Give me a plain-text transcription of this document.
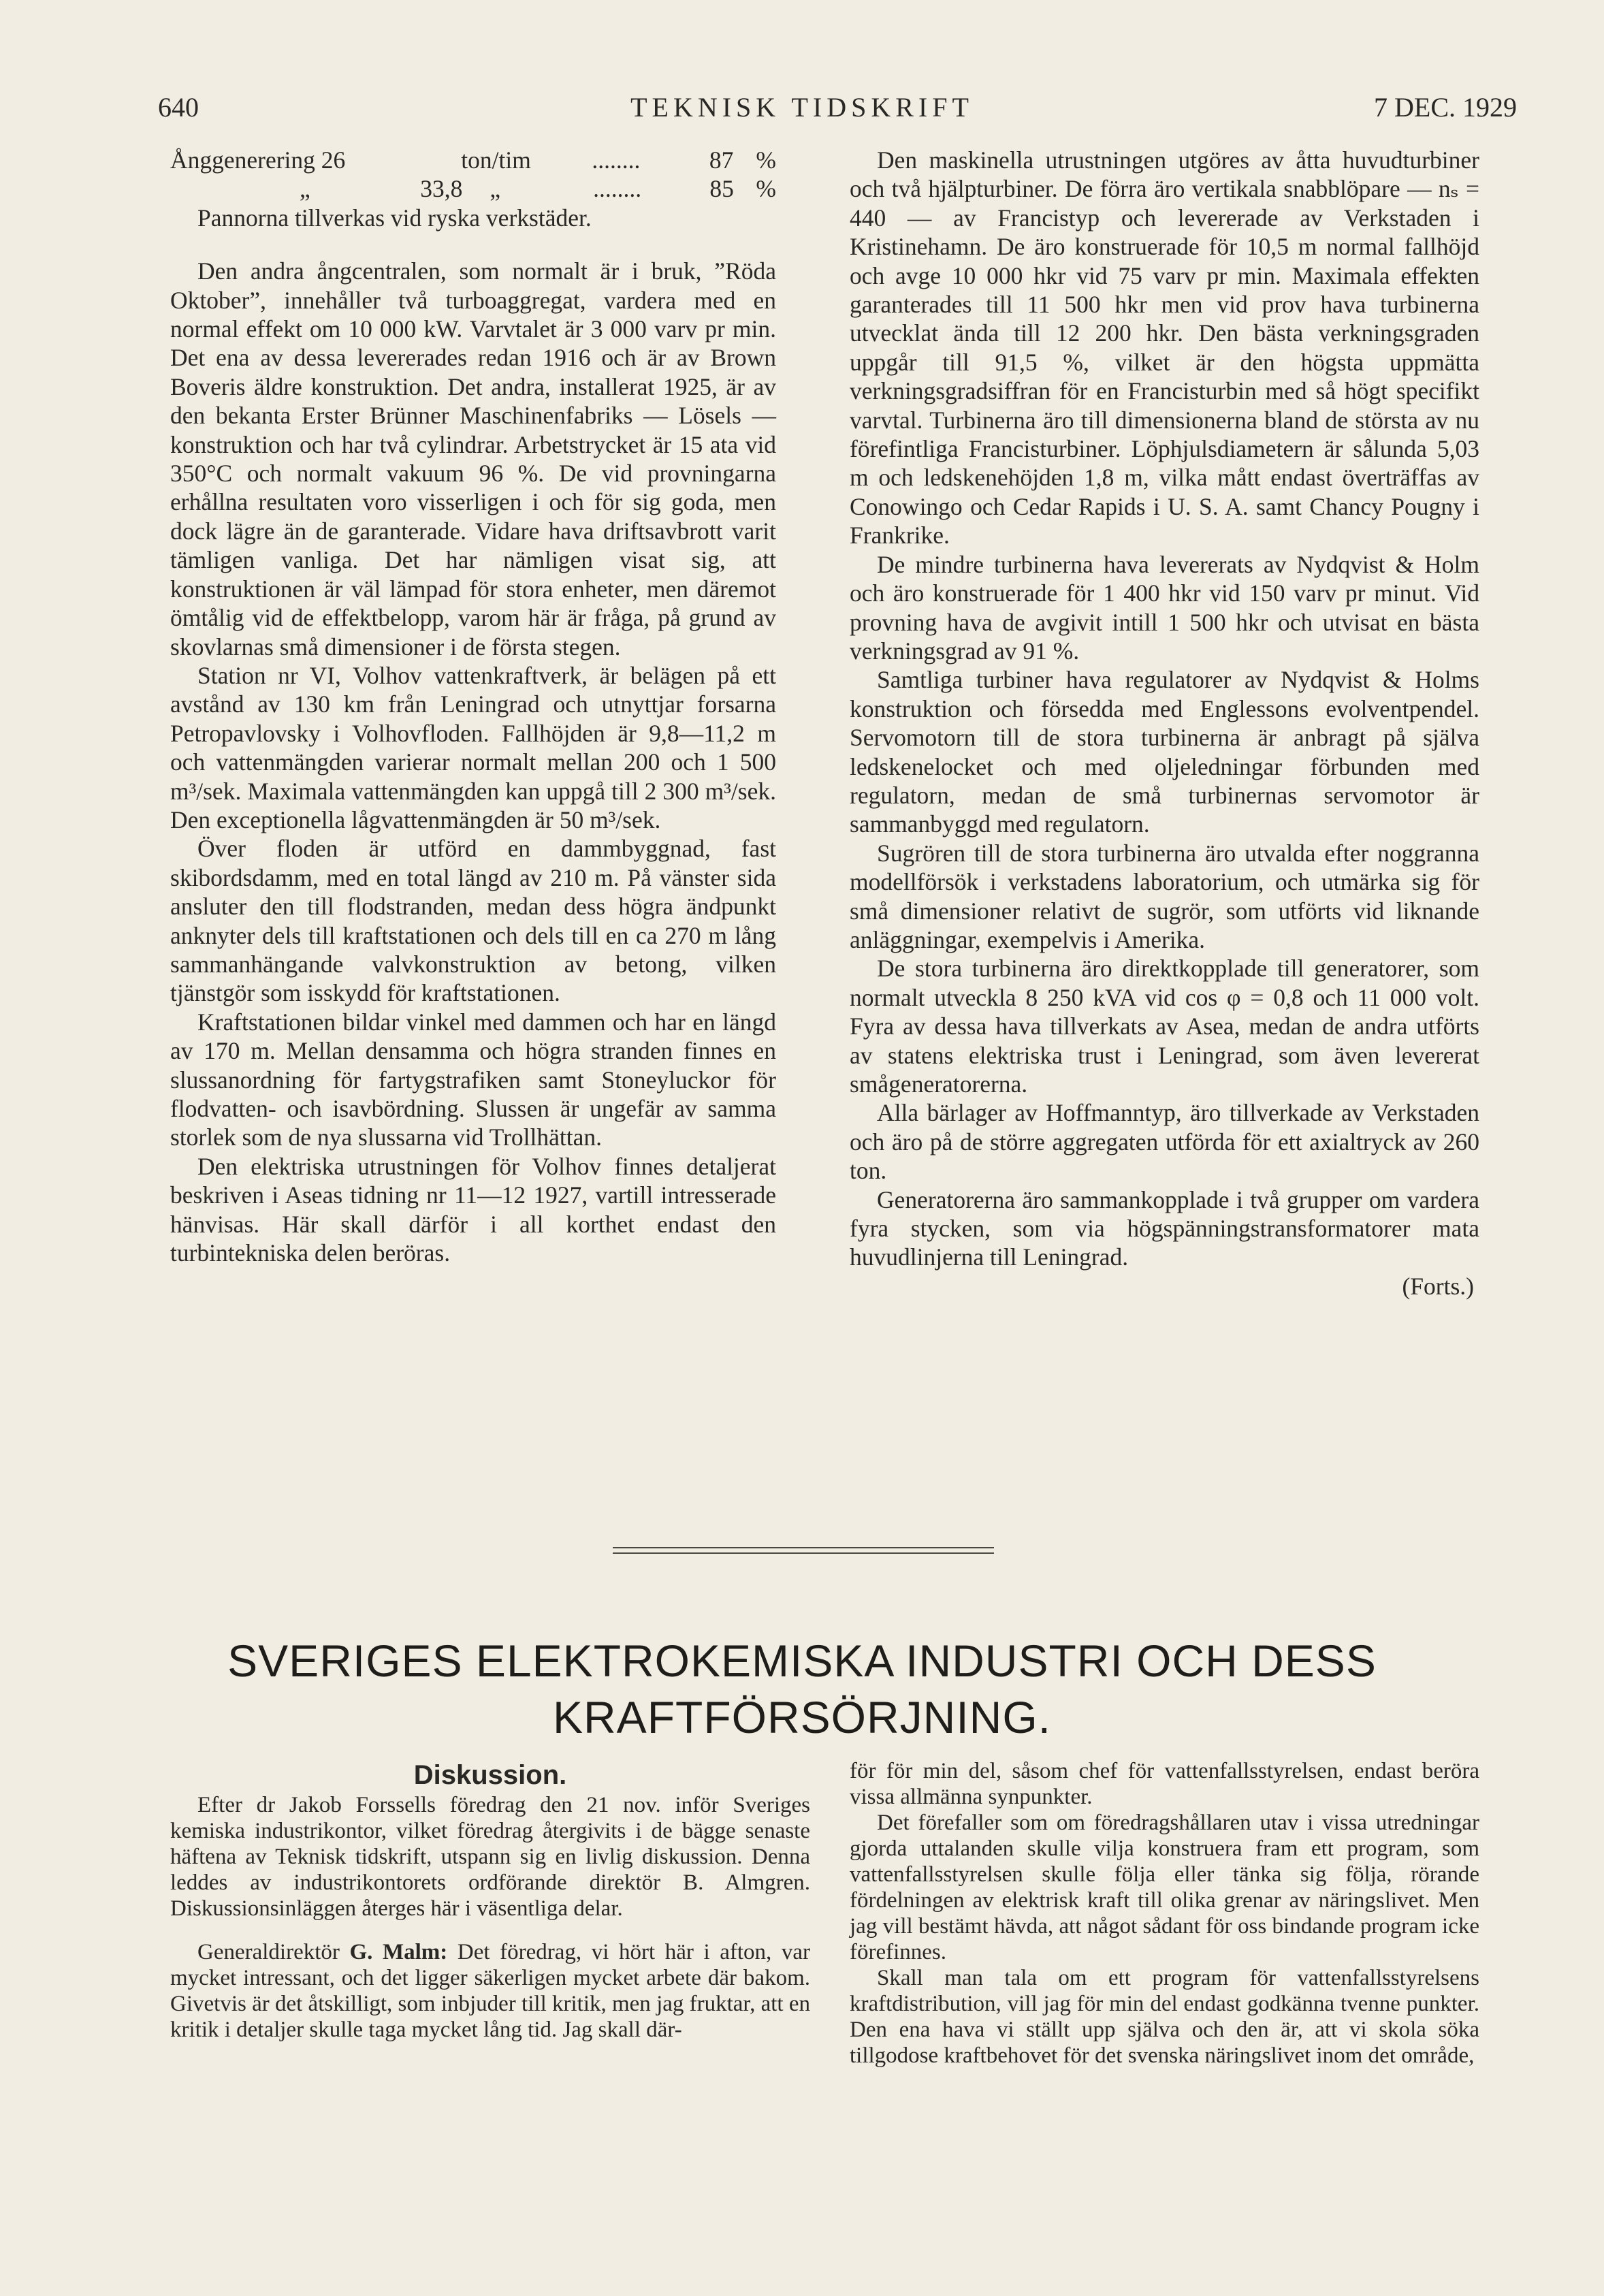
640	TEKNISK TIDSKRIFT	7 DEC. 1929
Ånggenerering 26	ton/tim	........	87 %
„	33,8	„	........	85 %

Pannorna tillverkas vid ryska verkstäder.

Den andra ångcentralen, som normalt är i bruk, ”Röda Oktober”, innehåller två turboaggregat, vardera med en normal effekt om 10 000 kW. Varvtalet är 3 000 varv pr min. Det ena av dessa levererades redan 1916 och är av Brown Boveris äldre konstruktion. Det andra, installerat 1925, är av den bekanta Erster Brünner Maschinenfabriks — Lösels — konstruktion och har två cylindrar. Arbetstrycket är 15 ata vid 350°C och normalt vakuum 96 %. De vid provningarna erhållna resultaten voro visserligen i och för sig goda, men dock lägre än de garanterade. Vidare hava driftsavbrott varit tämligen vanliga. Det har nämligen visat sig, att konstruktionen är väl lämpad för stora enheter, men däremot ömtålig vid de effektbelopp, varom här är fråga, på grund av skovlarnas små dimensioner i de första stegen.

Station nr VI, Volhov vattenkraftverk, är belägen på ett avstånd av 130 km från Leningrad och utnyttjar forsarna Petropavlovsky i Volhovfloden. Fallhöjden är 9,8—11,2 m och vattenmängden varierar normalt mellan 200 och 1 500 m³/sek. Maximala vattenmängden kan uppgå till 2 300 m³/sek. Den exceptionella lågvattenmängden är 50 m³/sek.

Över floden är utförd en dammbyggnad, fast skibordsdamm, med en total längd av 210 m. På vänster sida ansluter den till flodstranden, medan dess högra ändpunkt anknyter dels till kraftstationen och dels till en ca 270 m lång sammanhängande valvkonstruktion av betong, vilken tjänstgör som isskydd för kraftstationen.

Kraftstationen bildar vinkel med dammen och har en längd av 170 m. Mellan densamma och högra stranden finnes en slussanordning för fartygstrafiken samt Stoneyluckor för flodvatten- och isavbördning. Slussen är ungefär av samma storlek som de nya slussarna vid Trollhättan.

Den elektriska utrustningen för Volhov finnes detaljerat beskriven i Aseas tidning nr 11—12 1927, vartill intresserade hänvisas. Här skall därför i all korthet endast den turbintekniska delen beröras.

Den maskinella utrustningen utgöres av åtta huvudturbiner och två hjälpturbiner. De förra äro vertikala snabblöpare — nₛ = 440 — av Francistyp och levererade av Verkstaden i Kristinehamn. De äro konstruerade för 10,5 m normal fallhöjd och avge 10 000 hkr vid 75 varv pr min. Maximala effekten garanterades till 11 500 hkr men vid prov hava turbinerna utvecklat ända till 12 200 hkr. Den bästa verkningsgraden uppgår till 91,5 %, vilket är den högsta uppmätta verkningsgradsiffran för en Francisturbin med så högt specifikt varvtal. Turbinerna äro till dimensionerna bland de största av nu förefintliga Francisturbiner. Löphjulsdiametern är sålunda 5,03 m och ledskenehöjden 1,8 m, vilka mått endast överträffas av Conowingo och Cedar Rapids i U. S. A. samt Chancy Pougny i Frankrike.

De mindre turbinerna hava levererats av Nydqvist & Holm och äro konstruerade för 1 400 hkr vid 150 varv pr minut. Vid provning hava de avgivit intill 1 500 hkr och utvisat en bästa verkningsgrad av 91 %.

Samtliga turbiner hava regulatorer av Nydqvist & Holms konstruktion och försedda med Englessons evolventpendel. Servomotorn till de stora turbinerna är anbragt på själva ledskenelocket och med oljeledningar förbunden med regulatorn, medan de små turbinernas servomotor är sammanbyggd med regulatorn.

Sugrören till de stora turbinerna äro utvalda efter noggranna modellförsök i verkstadens laboratorium, och utmärka sig för små dimensioner relativt de sugrör, som utförts vid liknande anläggningar, exempelvis i Amerika.

De stora turbinerna äro direktkopplade till generatorer, som normalt utveckla 8 250 kVA vid cos φ = 0,8 och 11 000 volt. Fyra av dessa hava tillverkats av Asea, medan de andra utförts av statens elektriska trust i Leningrad, som även levererat smågeneratorerna.

Alla bärlager av Hoffmanntyp, äro tillverkade av Verkstaden och äro på de större aggregaten utförda för ett axialtryck av 260 ton.

Generatorerna äro sammankopplade i två grupper om vardera fyra stycken, som via högspänningstransformatorer mata huvudlinjerna till Leningrad.

(Forts.)

SVERIGES ELEKTROKEMISKA INDUSTRI OCH DESS
KRAFTFÖRSÖRJNING.

Diskussion.

Efter dr Jakob Forssells föredrag den 21 nov. inför Sveriges kemiska industrikontor, vilket föredrag återgivits i de bägge senaste häftena av Teknisk tidskrift, utspann sig en livlig diskussion. Denna leddes av industrikontorets ordförande direktör B. Almgren. Diskussionsinläggen återges här i väsentliga delar.

Generaldirektör G. Malm: Det föredrag, vi hört här i afton, var mycket intressant, och det ligger säkerligen mycket arbete där bakom. Givetvis är det åtskilligt, som inbjuder till kritik, men jag fruktar, att en kritik i detaljer skulle taga mycket lång tid. Jag skall där-

för för min del, såsom chef för vattenfallsstyrelsen, endast beröra vissa allmänna synpunkter.

Det förefaller som om föredragshållaren utav i vissa utredningar gjorda uttalanden skulle vilja konstruera fram ett program, som vattenfallsstyrelsen skulle följa eller tänka sig följa, rörande fördelningen av elektrisk kraft till olika grenar av näringslivet. Men jag vill bestämt hävda, att något sådant för oss bindande program icke förefinnes.

Skall man tala om ett program för vattenfallsstyrelsens kraftdistribution, vill jag för min del endast godkänna tvenne punkter. Den ena hava vi ställt upp själva och den är, att vi skola söka tillgodose kraftbehovet för det svenska näringslivet inom det område,
